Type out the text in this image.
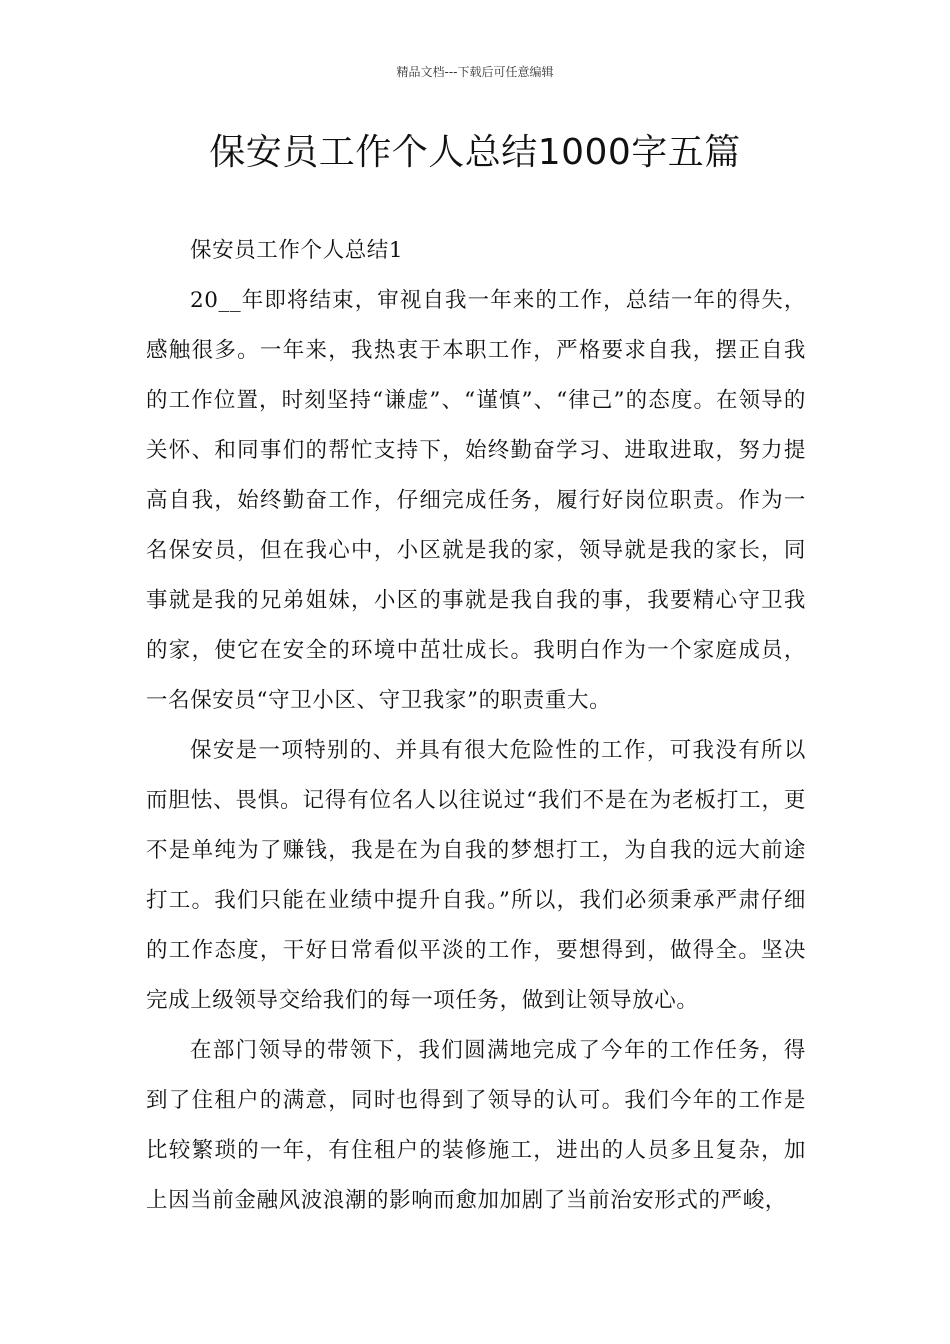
精品文档---下载后可任意编辑
保安员工作个人总结1000字五篇

保安员工作个人总结1

20__年即将结束，审视自我一年来的工作，总结一年的得失，感触很多。一年来，我热衷于本职工作，严格要求自我，摆正自我的工作位置，时刻坚持“谦虚”、“谨慎”、“律己”的态度。在领导的关怀、和同事们的帮忙支持下，始终勤奋学习、进取进取，努力提高自我，始终勤奋工作，仔细完成任务，履行好岗位职责。作为一名保安员，但在我心中，小区就是我的家，领导就是我的家长，同事就是我的兄弟姐妹，小区的事就是我自我的事，我要精心守卫我的家，使它在安全的环境中茁壮成长。我明白作为一个家庭成员，一名保安员“守卫小区、守卫我家”的职责重大。

保安是一项特别的、并具有很大危险性的工作，可我没有所以而胆怯、畏惧。记得有位名人以往说过“我们不是在为老板打工，更不是单纯为了赚钱，我是在为自我的梦想打工，为自我的远大前途打工。我们只能在业绩中提升自我。”所以，我们必须秉承严肃仔细的工作态度，干好日常看似平淡的工作，要想得到，做得全。坚决完成上级领导交给我们的每一项任务，做到让领导放心。

在部门领导的带领下，我们圆满地完成了今年的工作任务，得到了住租户的满意，同时也得到了领导的认可。我们今年的工作是比较繁琐的一年，有住租户的装修施工，进出的人员多且复杂，加上因当前金融风波浪潮的影响而愈加加剧了当前治安形式的严峻，
